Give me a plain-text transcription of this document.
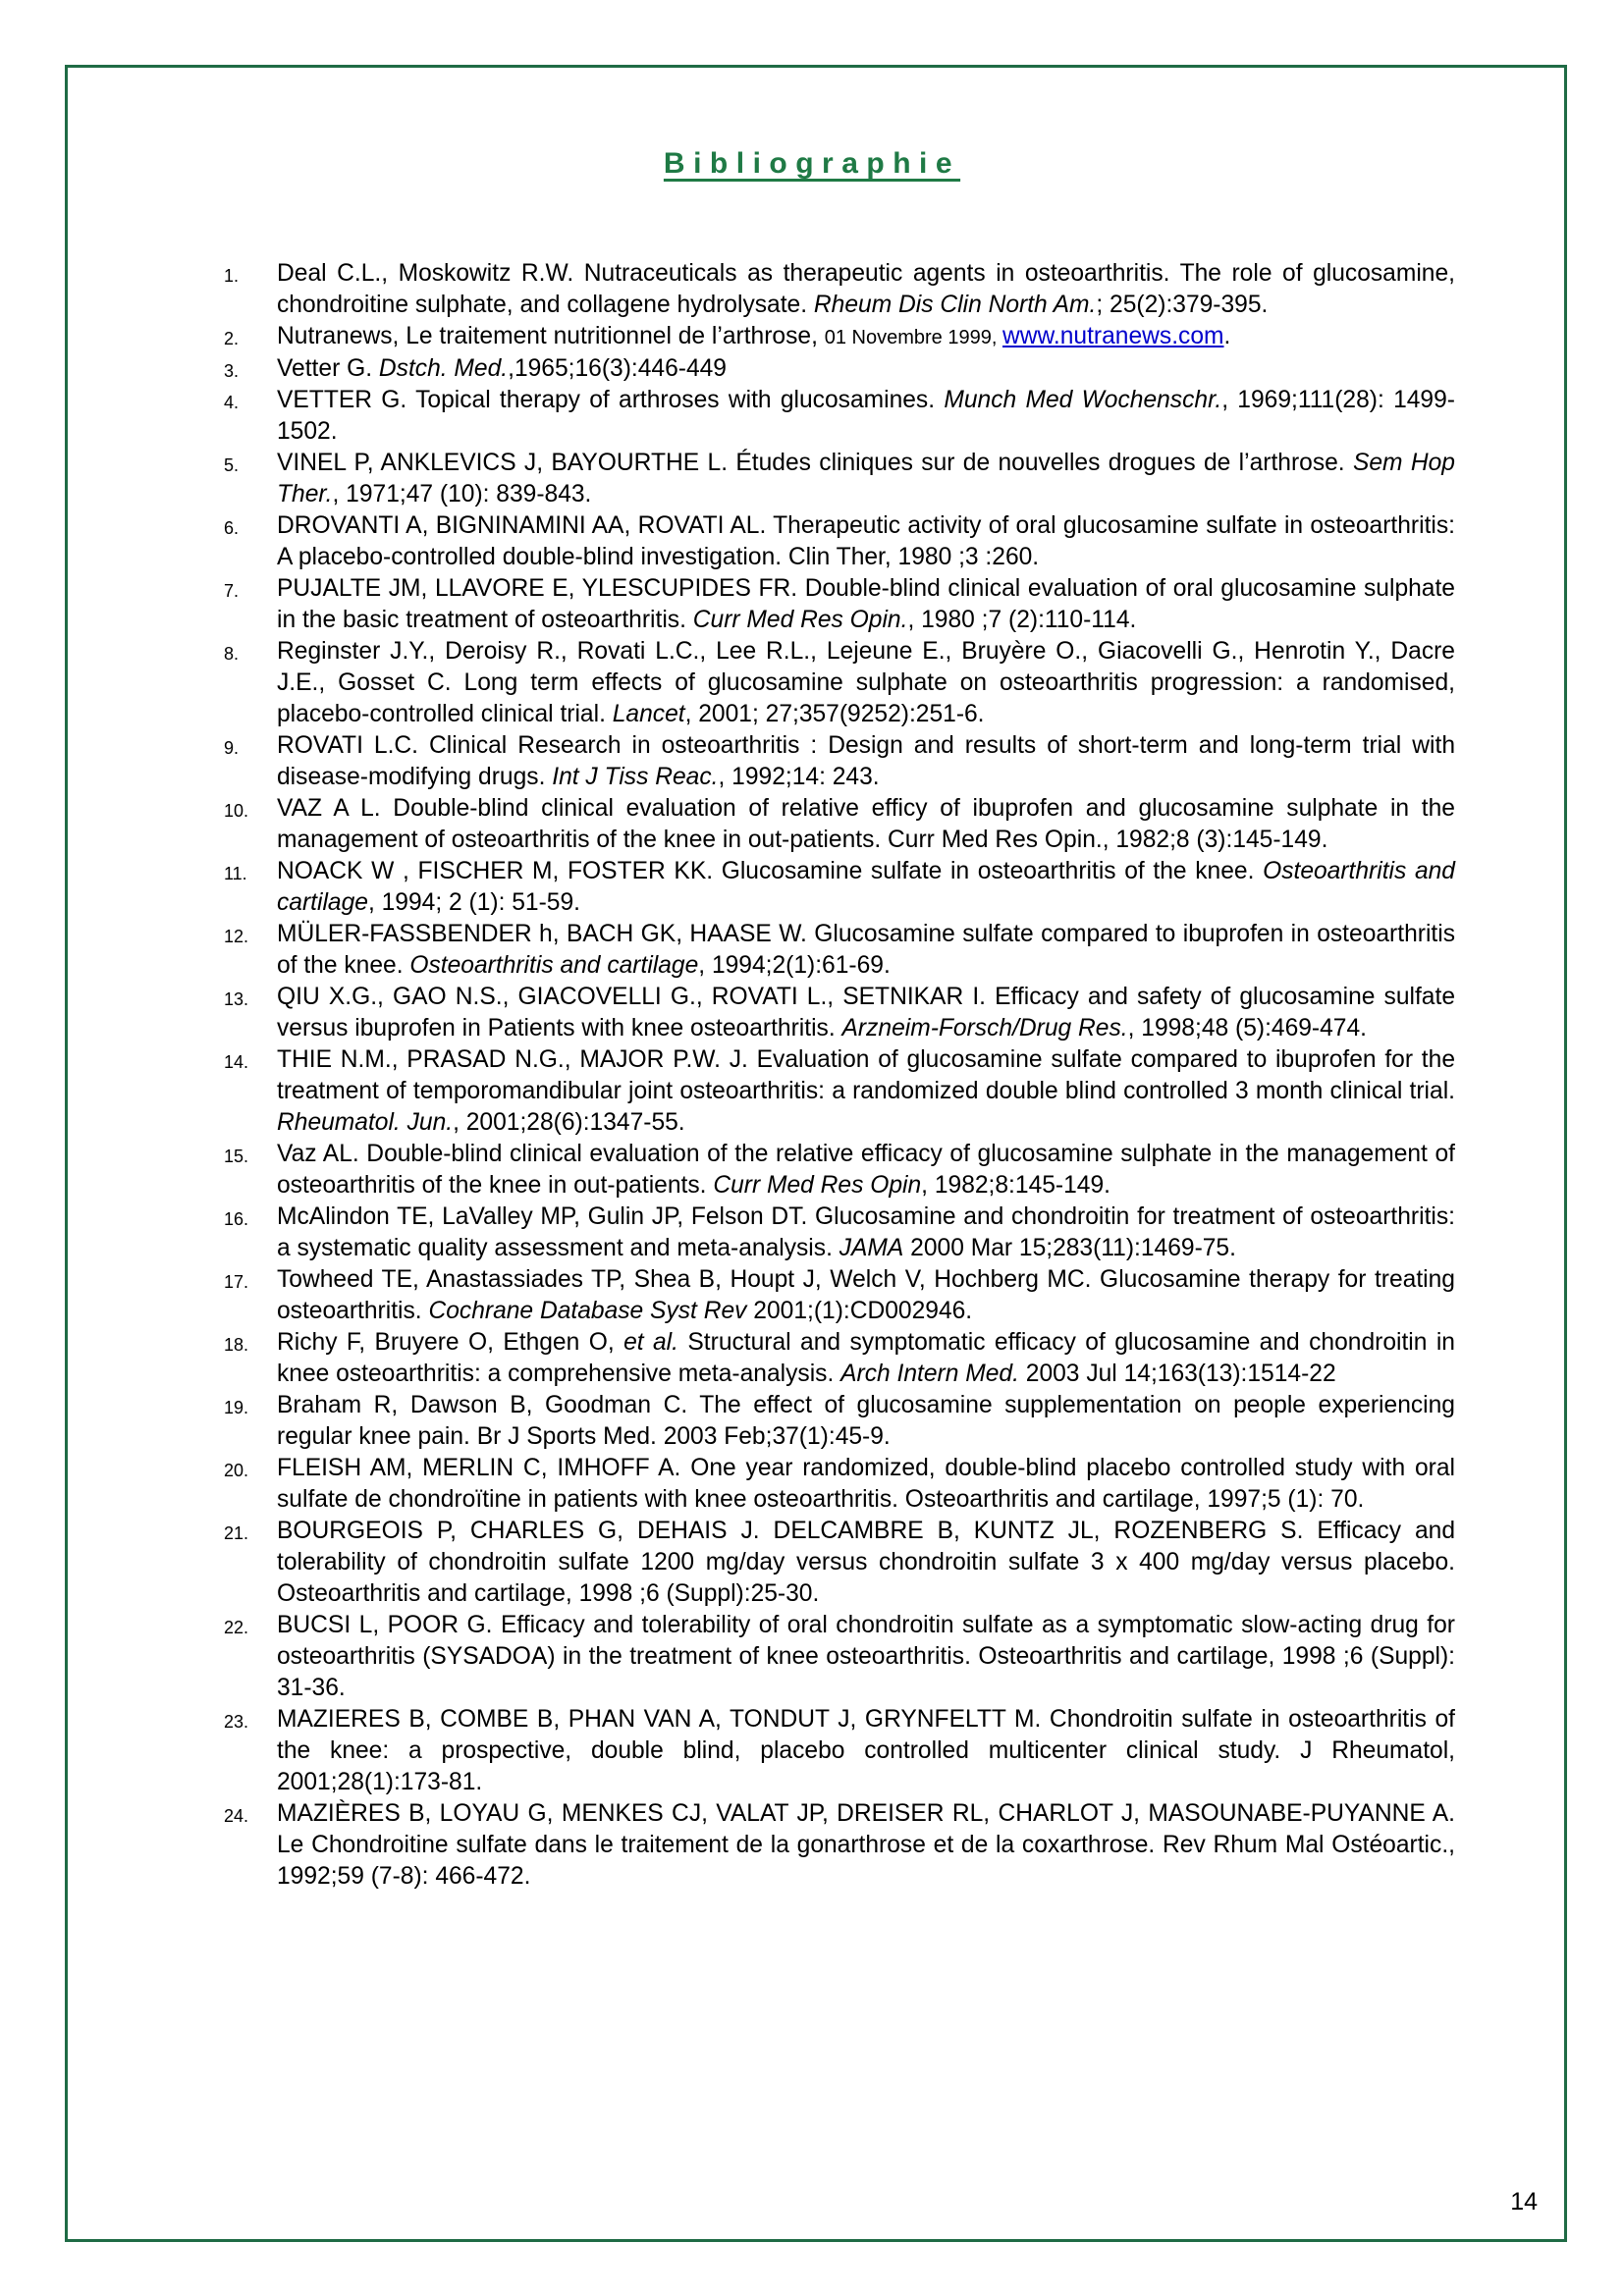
Bibliographie
1. Deal C.L., Moskowitz R.W. Nutraceuticals as therapeutic agents in osteoarthritis. The role of glucosamine, chondroitine sulphate, and collagene hydrolysate. Rheum Dis Clin North Am.; 25(2):379-395.
2. Nutranews, Le traitement nutritionnel de l’arthrose, 01 Novembre 1999, www.nutranews.com.
3. Vetter G. Dstch. Med.,1965;16(3):446-449
4. VETTER G. Topical therapy of arthroses with glucosamines. Munch Med Wochenschr., 1969;111(28): 1499-1502.
5. VINEL P, ANKLEVICS J, BAYOURTHE L. Études cliniques sur de nouvelles drogues de l’arthrose. Sem Hop Ther., 1971;47 (10): 839-843.
6. DROVANTI A, BIGNINAMINI AA, ROVATI AL. Therapeutic activity of oral glucosamine sulfate in osteoarthritis: A placebo-controlled double-blind investigation. Clin Ther, 1980 ;3 :260.
7. PUJALTE JM, LLAVORE E, YLESCUPIDES FR. Double-blind clinical evaluation of oral glucosamine sulphate in the basic treatment of osteoarthritis. Curr Med Res Opin., 1980 ;7 (2):110-114.
8. Reginster J.Y., Deroisy R., Rovati L.C., Lee R.L., Lejeune E., Bruyère O., Giacovelli G., Henrotin Y., Dacre J.E., Gosset C. Long term effects of glucosamine sulphate on osteoarthritis progression: a randomised, placebo-controlled clinical trial. Lancet, 2001; 27;357(9252):251-6.
9. ROVATI L.C. Clinical Research in osteoarthritis : Design and results of short-term and long-term trial with disease-modifying drugs. Int J Tiss Reac., 1992;14: 243.
10. VAZ A L. Double-blind clinical evaluation of relative efficy of ibuprofen and glucosamine sulphate in the management of osteoarthritis of the knee in out-patients. Curr Med Res Opin., 1982;8 (3):145-149.
11. NOACK W , FISCHER M, FOSTER KK. Glucosamine sulfate in osteoarthritis of the knee. Osteoarthritis and cartilage, 1994; 2 (1): 51-59.
12. MÜLER-FASSBENDER h, BACH GK, HAASE W. Glucosamine sulfate compared to ibuprofen in osteoarthritis of the knee. Osteoarthritis and cartilage, 1994;2(1):61-69.
13. QIU X.G., GAO N.S., GIACOVELLI G., ROVATI L., SETNIKAR I. Efficacy and safety of glucosamine sulfate versus ibuprofen in Patients with knee osteoarthritis. Arzneim-Forsch/Drug Res., 1998;48 (5):469-474.
14. THIE N.M., PRASAD N.G., MAJOR P.W. J. Evaluation of glucosamine sulfate compared to ibuprofen for the treatment of temporomandibular joint osteoarthritis: a randomized double blind controlled 3 month clinical trial. Rheumatol. Jun., 2001;28(6):1347-55.
15. Vaz AL. Double-blind clinical evaluation of the relative efficacy of glucosamine sulphate in the management of osteoarthritis of the knee in out-patients. Curr Med Res Opin, 1982;8:145-149.
16. McAlindon TE, LaValley MP, Gulin JP, Felson DT. Glucosamine and chondroitin for treatment of osteoarthritis: a systematic quality assessment and meta-analysis. JAMA 2000 Mar 15;283(11):1469-75.
17. Towheed TE, Anastassiades TP, Shea B, Houpt J, Welch V, Hochberg MC. Glucosamine therapy for treating osteoarthritis. Cochrane Database Syst Rev 2001;(1):CD002946.
18. Richy F, Bruyere O, Ethgen O, et al. Structural and symptomatic efficacy of glucosamine and chondroitin in knee osteoarthritis: a comprehensive meta-analysis. Arch Intern Med. 2003 Jul 14;163(13):1514-22
19. Braham R, Dawson B, Goodman C. The effect of glucosamine supplementation on people experiencing regular knee pain. Br J Sports Med. 2003 Feb;37(1):45-9.
20. FLEISH AM, MERLIN C, IMHOFF A. One year randomized, double-blind placebo controlled study with oral sulfate de chondroïtine in patients with knee osteoarthritis. Osteoarthritis and cartilage, 1997;5 (1): 70.
21. BOURGEOIS P, CHARLES G, DEHAIS J. DELCAMBRE B, KUNTZ JL, ROZENBERG S. Efficacy and tolerability of chondroitin sulfate 1200 mg/day versus chondroitin sulfate 3 x 400 mg/day versus placebo. Osteoarthritis and cartilage, 1998 ;6 (Suppl):25-30.
22. BUCSI L, POOR G. Efficacy and tolerability of oral chondroitin sulfate as a symptomatic slow-acting drug for osteoarthritis (SYSADOA) in the treatment of knee osteoarthritis. Osteoarthritis and cartilage, 1998 ;6 (Suppl): 31-36.
23. MAZIERES B, COMBE B, PHAN VAN A, TONDUT J, GRYNFELTT M. Chondroitin sulfate in osteoarthritis of the knee: a prospective, double blind, placebo controlled multicenter clinical study. J Rheumatol, 2001;28(1):173-81.
24. MAZIÈRES B, LOYAU G, MENKES CJ, VALAT JP, DREISER RL, CHARLOT J, MASOUNABE-PUYANNE A. Le Chondroitine sulfate dans le traitement de la gonarthrose et de la coxarthrose. Rev Rhum Mal Ostéoartic., 1992;59 (7-8): 466-472.
14
